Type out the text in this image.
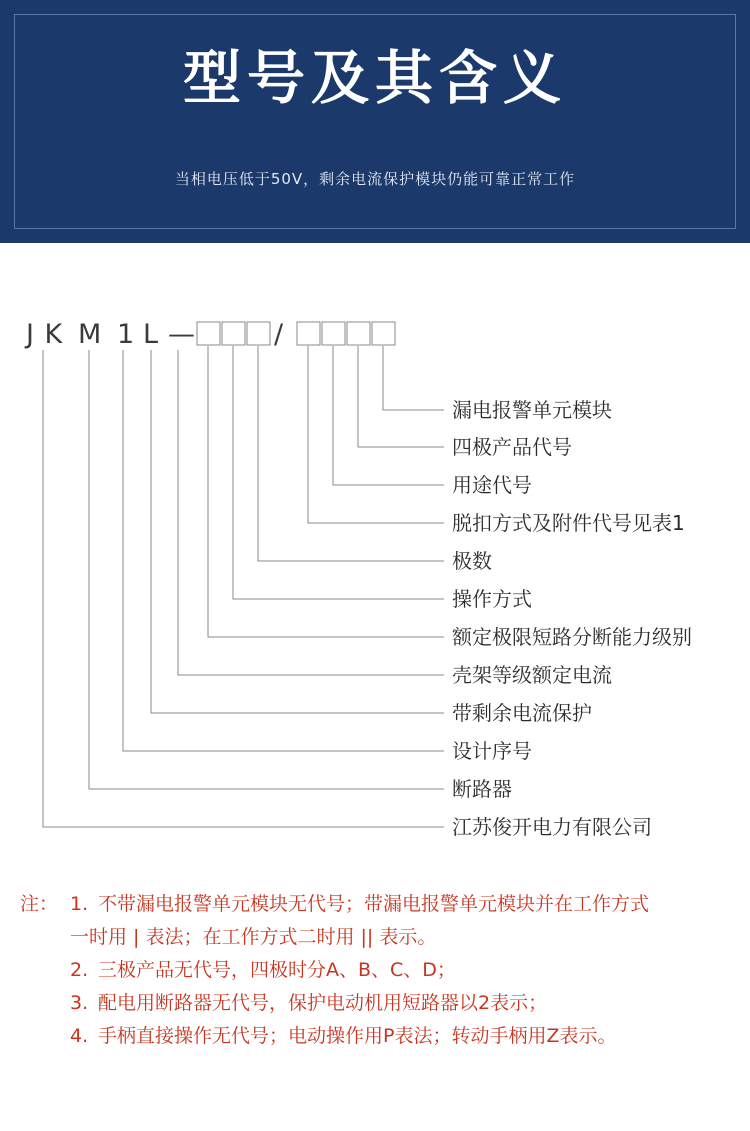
型号及其含义
当相电压低于50V，剩余电流保护模块仍能可靠正常工作
J K M 1 L —	/
漏电报警单元模块
四极产品代号
用途代号
脱扣方式及附件代号见表1
极数
操作方式
额定极限短路分断能力级别
壳架等级额定电流
带剩余电流保护
设计序号
断路器
江苏俊开电力有限公司
注： 1. 不带漏电报警单元模块无代号；带漏电报警单元模块并在工作方式
一时用 | 表法；在工作方式二时用 || 表示。
2. 三极产品无代号，四极时分A、B、C、D；
3. 配电用断路器无代号，保护电动机用短路器以2表示；
4. 手柄直接操作无代号；电动操作用P表法；转动手柄用Z表示。
